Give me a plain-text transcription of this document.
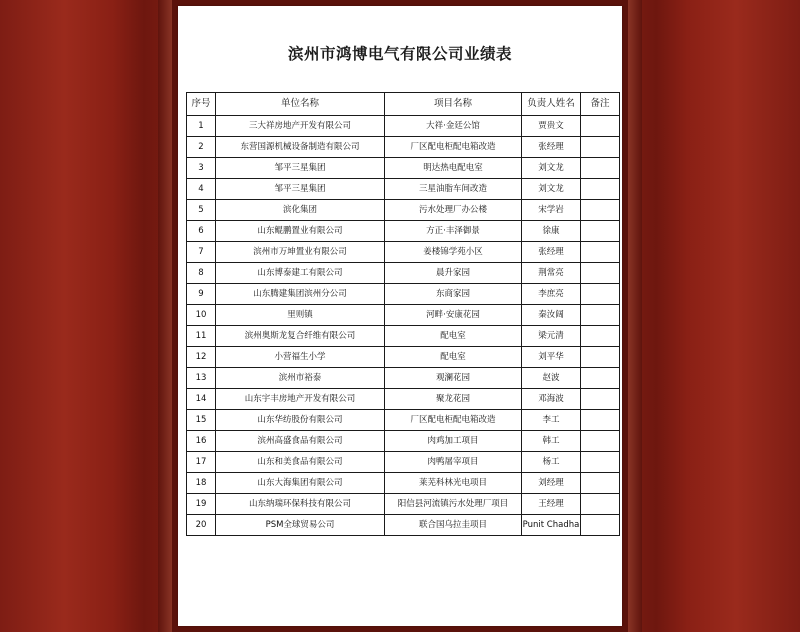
滨州市鸿博电气有限公司业绩表
序号	单位名称	项目名称	负责人姓名	备注
1	三大祥房地产开发有限公司	大祥·金廷公馆	贾贵文	
2	东营国源机械设备制造有限公司	厂区配电柜配电箱改造	张经理	
3	邹平三星集团	明达热电配电室	刘文龙	
4	邹平三星集团	三星油脂车间改造	刘文龙	
5	滨化集团	污水处理厂办公楼	宋学岩	
6	山东鲲鹏置业有限公司	方正·丰泽御景	徐康	
7	滨州市万坤置业有限公司	姜楼锦学苑小区	张经理	
8	山东博泰建工有限公司	晨升家园	荆常亮	
9	山东腾建集团滨州分公司	东商家园	李庶亮	
10	里则镇	河畔·安康花园	秦汝阔	
11	滨州奥斯龙复合纤维有限公司	配电室	梁元清	
12	小营福生小学	配电室	刘平华	
13	滨州市裕泰	观澜花园	赵波	
14	山东宇丰房地产开发有限公司	聚龙花园	邓海波	
15	山东华纺股份有限公司	厂区配电柜配电箱改造	李工	
16	滨州高盛食品有限公司	肉鸡加工项目	韩工	
17	山东和美食品有限公司	肉鸭屠宰项目	杨工	
18	山东大海集团有限公司	莱芜科林光电项目	刘经理	
19	山东纳瑞环保科技有限公司	阳信县河流镇污水处理厂项目	王经理	
20	PSM全球贸易公司	联合国乌拉圭项目	Punit Chadha	
